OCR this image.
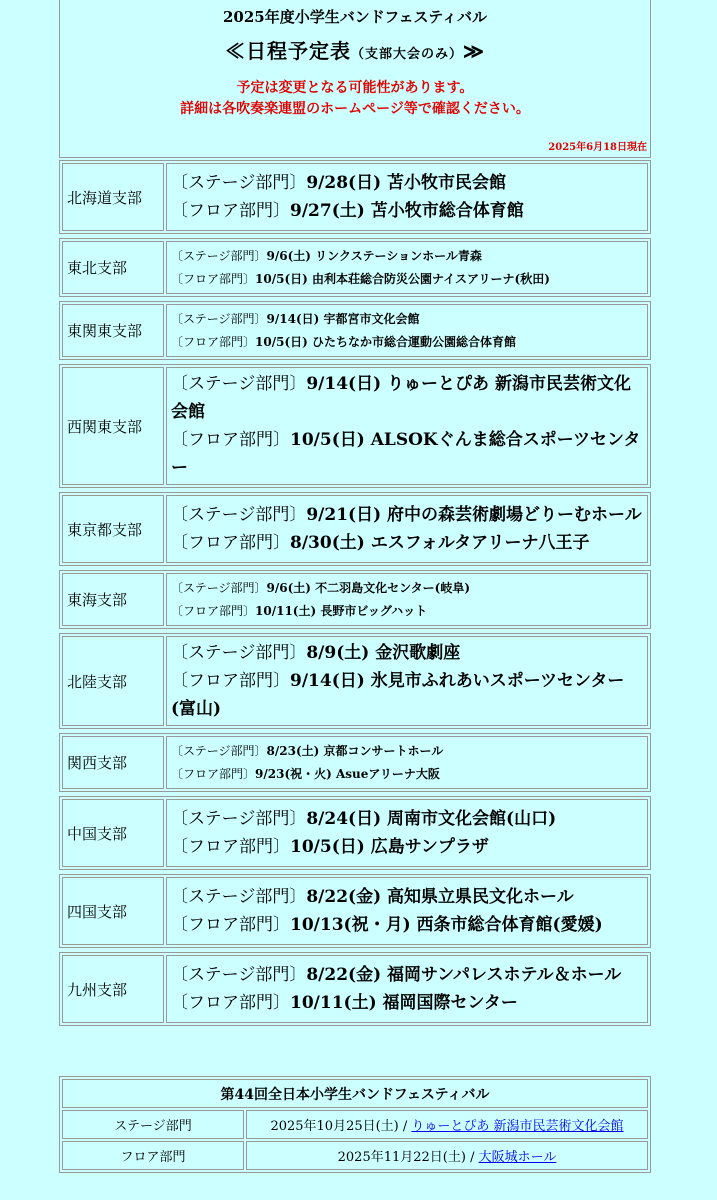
2025年度小学生バンドフェスティバル
≪日程予定表（支部大会のみ）≫
予定は変更となる可能性があります。
詳細は各吹奏楽連盟のホームページ等で確認ください。
2025年6月18日現在
北海道支部	
〔ステージ部門〕9/28(日) 苫小牧市民会館
〔フロア部門〕9/27(土) 苫小牧市総合体育館
東北支部	
〔ステージ部門〕9/6(土) リンクステーションホール青森
〔フロア部門〕10/5(日) 由利本荘総合防災公園ナイスアリーナ(秋田)
東関東支部	
〔ステージ部門〕9/14(日) 宇都宮市文化会館
〔フロア部門〕10/5(日) ひたちなか市総合運動公園総合体育館
西関東支部	
〔ステージ部門〕9/14(日) りゅーとぴあ 新潟市民芸術文化会館
〔フロア部門〕10/5(日) ALSOKぐんま総合スポーツセンター
東京都支部	
〔ステージ部門〕9/21(日) 府中の森芸術劇場どりーむホール
〔フロア部門〕8/30(土) エスフォルタアリーナ八王子
東海支部	
〔ステージ部門〕9/6(土) 不二羽島文化センター(岐阜)
〔フロア部門〕10/11(土) 長野市ビッグハット
北陸支部	
〔ステージ部門〕8/9(土) 金沢歌劇座
〔フロア部門〕9/14(日) 氷見市ふれあいスポーツセンター(富山)
関西支部	
〔ステージ部門〕8/23(土) 京都コンサートホール
〔フロア部門〕9/23(祝・火) Asueアリーナ大阪
中国支部	
〔ステージ部門〕8/24(日) 周南市文化会館(山口)
〔フロア部門〕10/5(日) 広島サンプラザ
四国支部	
〔ステージ部門〕8/22(金) 高知県立県民文化ホール
〔フロア部門〕10/13(祝・月) 西条市総合体育館(愛媛)
九州支部	
〔ステージ部門〕8/22(金) 福岡サンパレスホテル＆ホール
〔フロア部門〕10/11(土) 福岡国際センター
第44回全日本小学生バンドフェスティバル	
ステージ部門	2025年10月25日(土) / りゅーとぴあ 新潟市民芸術文化会館
フロア部門	2025年11月22日(土) / 大阪城ホール
